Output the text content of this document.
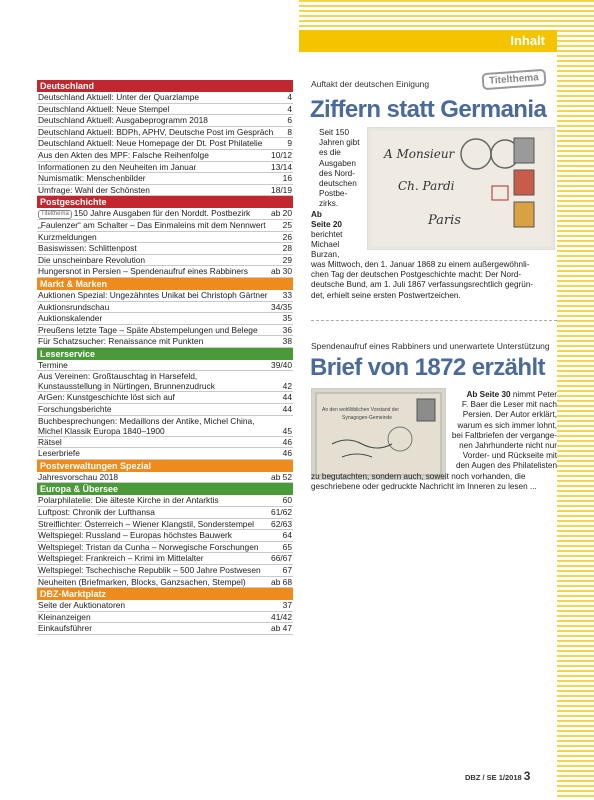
Inhalt
Deutschland
Deutschland Aktuell: Unter der Quarzlampe	4
Deutschland Aktuell: Neue Stempel	4
Deutschland Aktuell: Ausgabeprogramm 2018	6
Deutschland Aktuell: BDPh, APHV, Deutsche Post im Gespräch	8
Deutschland Aktuell: Neue Homepage der Dt. Post Philatelie	9
Aus den Akten des MPF: Falsche Reihenfolge	10/12
Informationen zu den Neuheiten im Januar	13/14
Numismatik: Menschenbilder	16
Umfrage: Wahl der Schönsten	18/19
Postgeschichte
Titelthema 150 Jahre Ausgaben für den Norddt. Postbezirk	ab 20
„Faulenzer“ am Schalter – Das Einmaleins mit dem Nennwert	25
Kurzmeldungen	26
Basiswissen: Schlittenpost	28
Die unscheinbare Revolution	29
Hungersnot in Persien – Spendenaufruf eines Rabbiners	ab 30
Markt & Marken
Auktionen Spezial: Ungezähntes Unikat bei Christoph Gärtner	33
Auktionsrundschau	34/35
Auktionskalender	35
Preußens letzte Tage – Späte Abstempelungen und Belege	36
Für Schatzsucher: Renaissance mit Punkten	38
Leserservice
Termine	39/40
Aus Vereinen: Großtauschtag in Harsefeld,
Kunstausstellung in Nürtingen, Brunnenzudruck	42
ArGen: Kunstgeschichte löst sich auf	44
Forschungsberichte	44
Buchbesprechungen: Medaillons der Antike, Michel China,
Michel Klassik Europa 1840–1900	45
Rätsel	46
Leserbriefe	46
Postverwaltungen Spezial
Jahresvorschau 2018	ab 52
Europa & Übersee
Polarphilatelie: Die älteste Kirche in der Antarktis	60
Luftpost: Chronik der Lufthansa	61/62
Streiflichter: Österreich – Wiener Klangstil, Sonderstempel	62/63
Weltspiegel: Russland – Europas höchstes Bauwerk	64
Weltspiegel: Tristan da Cunha – Norwegische Forschungen	65
Weltspiegel: Frankreich – Krimi im Mittelalter	66/67
Weltspiegel: Tschechische Republik – 500 Jahre Postwesen	67
Neuheiten (Briefmarken, Blocks, Ganzsachen, Stempel)	ab 68
DBZ-Marktplatz
Seite der Auktionatoren	37
Kleinanzeigen	41/42
Einkaufsführer	ab 47
Auftakt der deutschen Einigung	Titelthema
Ziffern statt Germania
Seit 150
Jahren gibt
es die
Ausgaben
des Nord-
deutschen
Postbe-
zirks.
Ab
Seite 20
berichtet
Michael
Burzan,
A Monsieur
Ch. Pardi
Paris
was Mittwoch, den 1. Januar 1868 zu einem außergewöhnli-
chen Tag der deutschen Postgeschichte macht: Der Nord-
deutsche Bund, am 1. Juli 1867 verfassungsrechtlich gegrün-
det, erhielt seine ersten Postwertzeichen.
Spendenaufruf eines Rabbiners und unerwartete Unterstützung
Brief von 1872 erzählt
An den wohllöblichen Vorstand der
Synagogen-Gemeinde
Ab Seite 30 nimmt Peter
F. Baer die Leser mit nach
Persien. Der Autor erklärt,
warum es sich immer lohnt,
bei Faltbriefen der vergange-
nen Jahrhunderte nicht nur
Vorder- und Rückseite mit
den Augen des Philatelisten
zu begutachten, sondern auch, soweit noch vorhanden, die
geschriebene oder gedruckte Nachricht im Inneren zu lesen ...
DBZ / SE 1/2018 3
